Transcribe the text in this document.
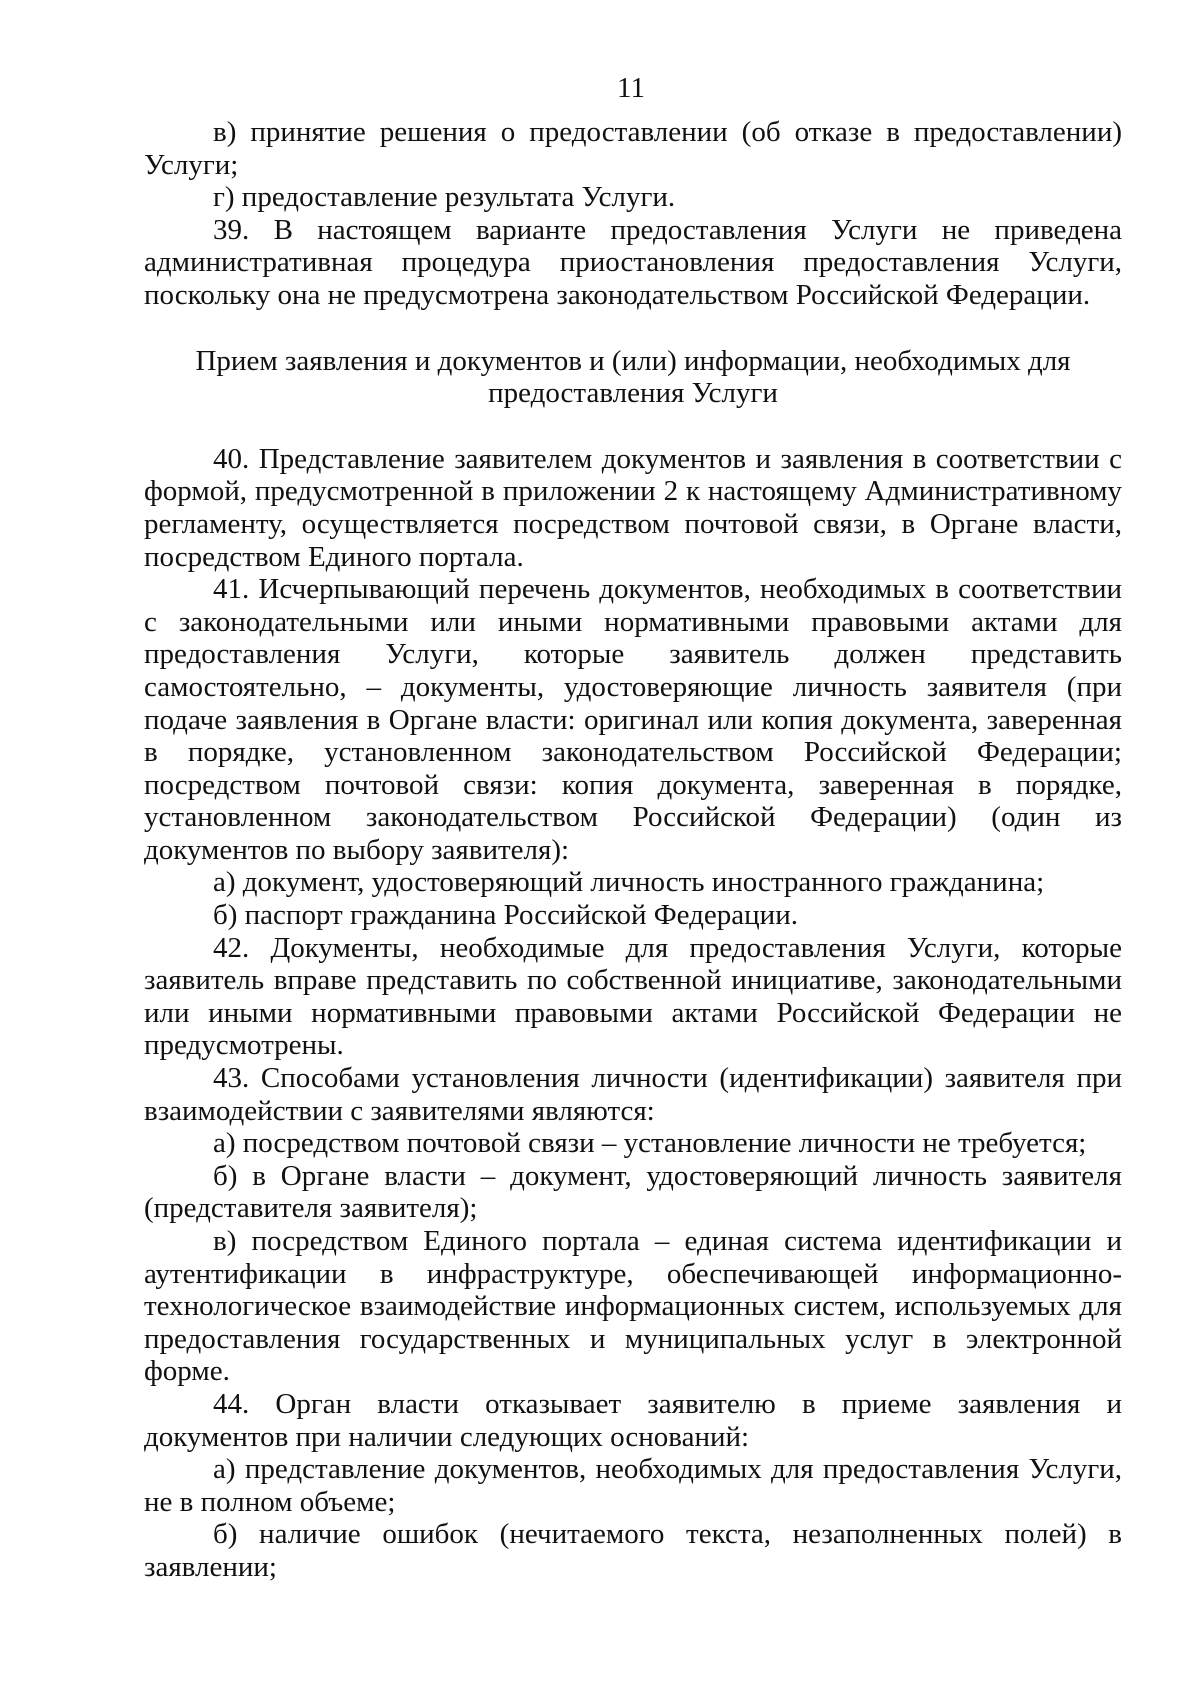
11

в) принятие решения о предоставлении (об отказе в предоставлении) Услуги;

г) предоставление результата Услуги.

39. В настоящем варианте предоставления Услуги не приведена административная процедура приостановления предоставления Услуги, поскольку она не предусмотрена законодательством Российской Федерации.

Прием заявления и документов и (или) информации, необходимых для
предоставления Услуги

40. Представление заявителем документов и заявления в соответствии с формой, предусмотренной в приложении 2 к настоящему Административному регламенту, осуществляется посредством почтовой связи, в Органе власти, посредством Единого портала.

41. Исчерпывающий перечень документов, необходимых в соответствии с законодательными или иными нормативными правовыми актами для предоставления Услуги, которые заявитель должен представить самостоятельно, – документы, удостоверяющие личность заявителя (при подаче заявления в Органе власти: оригинал или копия документа, заверенная в порядке, установленном законодательством Российской Федерации; посредством почтовой связи: копия документа, заверенная в порядке, установленном законодательством Российской Федерации) (один из документов по выбору заявителя):

а) документ, удостоверяющий личность иностранного гражданина;

б) паспорт гражданина Российской Федерации.

42. Документы, необходимые для предоставления Услуги, которые заявитель вправе представить по собственной инициативе, законодательными или иными нормативными правовыми актами Российской Федерации не предусмотрены.

43. Способами установления личности (идентификации) заявителя при взаимодействии с заявителями являются:

а) посредством почтовой связи – установление личности не требуется;

б) в Органе власти – документ, удостоверяющий личность заявителя (представителя заявителя);

в) посредством Единого портала – единая система идентификации и аутентификации в инфраструктуре, обеспечивающей информационно-технологическое взаимодействие информационных систем, используемых для предоставления государственных и муниципальных услуг в электронной форме.

44. Орган власти отказывает заявителю в приеме заявления и документов при наличии следующих оснований:

а) представление документов, необходимых для предоставления Услуги, не в полном объеме;

б) наличие ошибок (нечитаемого текста, незаполненных полей) в заявлении;
